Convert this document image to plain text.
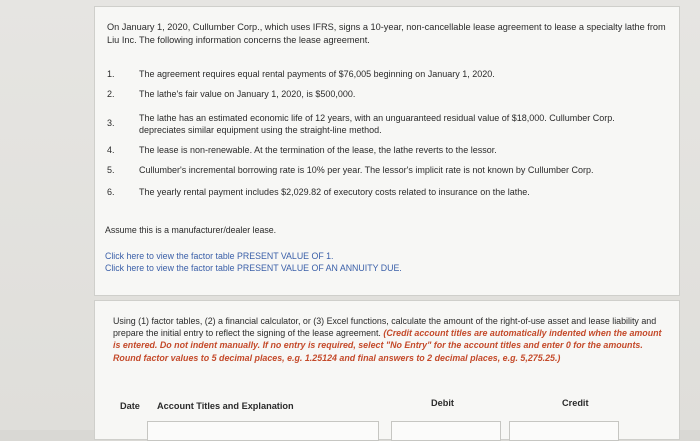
On January 1, 2020, Cullumber Corp., which uses IFRS, signs a 10-year, non-cancellable lease agreement to lease a specialty lathe from Liu Inc. The following information concerns the lease agreement.

1.	The agreement requires equal rental payments of $76,005 beginning on January 1, 2020.
2.	The lathe's fair value on January 1, 2020, is $500,000.
3.	The lathe has an estimated economic life of 12 years, with an unguaranteed residual value of $18,000. Cullumber Corp. depreciates similar equipment using the straight-line method.
4.	The lease is non-renewable. At the termination of the lease, the lathe reverts to the lessor.
5.	Cullumber's incremental borrowing rate is 10% per year. The lessor's implicit rate is not known by Cullumber Corp.
6.	The yearly rental payment includes $2,029.82 of executory costs related to insurance on the lathe.

Assume this is a manufacturer/dealer lease.

Click here to view the factor table PRESENT VALUE OF 1.
Click here to view the factor table PRESENT VALUE OF AN ANNUITY DUE.

Using (1) factor tables, (2) a financial calculator, or (3) Excel functions, calculate the amount of the right-of-use asset and lease liability and prepare the initial entry to reflect the signing of the lease agreement. (Credit account titles are automatically indented when the amount is entered. Do not indent manually. If no entry is required, select "No Entry" for the account titles and enter 0 for the amounts. Round factor values to 5 decimal places, e.g. 1.25124 and final answers to 2 decimal places, e.g. 5,275.25.)

Date Account Titles and Explanation	Debit	Credit
